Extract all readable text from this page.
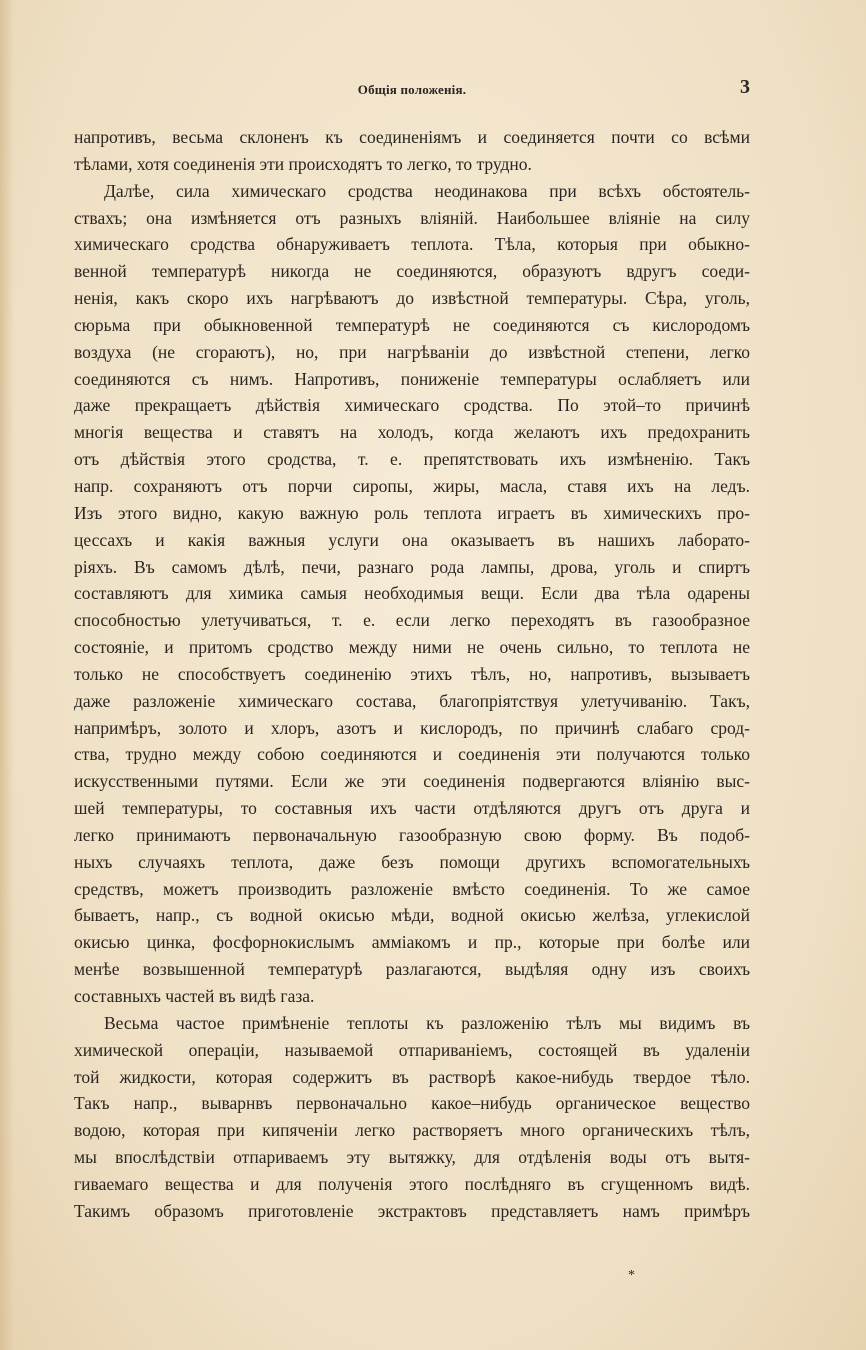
Общія положенія.	3
напротивъ, весьма склоненъ къ соединеніямъ и соединяется почти со всѣми
тѣлами, хотя соединенія эти происходятъ то легко, то трудно.
Далѣе, сила химическаго сродства неодинакова при всѣхъ обстоятель-
ствахъ; она измѣняется отъ разныхъ вліяній. Наибольшее вліяніе на силу
химическаго сродства обнаруживаетъ теплота. Тѣла, которыя при обыкно-
венной температурѣ никогда не соединяются, образуютъ вдругъ соеди-
ненія, какъ скоро ихъ нагрѣваютъ до извѣстной температуры. Сѣра, уголь,
сюрьма при обыкновенной температурѣ не соединяются съ кислородомъ
воздуха (не сгораютъ), но, при нагрѣваніи до извѣстной степени, легко
соединяются съ нимъ. Напротивъ, пониженіе температуры ослабляетъ или
даже прекращаетъ дѣйствія химическаго сродства. По этой–то причинѣ
многія вещества и ставятъ на холодъ, когда желаютъ ихъ предохранить
отъ дѣйствія этого сродства, т. е. препятствовать ихъ измѣненію. Такъ
напр. сохраняютъ отъ порчи сиропы, жиры, масла, ставя ихъ на ледъ.
Изъ этого видно, какую важную роль теплота играетъ въ химическихъ про-
цессахъ и какія важныя услуги она оказываетъ въ нашихъ лаборато-
ріяхъ. Въ самомъ дѣлѣ, печи, разнаго рода лампы, дрова, уголь и спиртъ
составляютъ для химика самыя необходимыя вещи. Если два тѣла одарены
способностью улетучиваться, т. е. если легко переходятъ въ газообразное
состояніе, и притомъ сродство между ними не очень сильно, то теплота не
только не способствуетъ соединенію этихъ тѣлъ, но, напротивъ, вызываетъ
даже разложеніе химическаго состава, благопріятствуя улетучиванію. Такъ,
напримѣръ, золото и хлоръ, азотъ и кислородъ, по причинѣ слабаго срод-
ства, трудно между собою соединяются и соединенія эти получаются только
искусственными путями. Если же эти соединенія подвергаются вліянію выс-
шей температуры, то составныя ихъ части отдѣляются другъ отъ друга и
легко принимаютъ первоначальную газообразную свою форму. Въ подоб-
ныхъ случаяхъ теплота, даже безъ помощи другихъ вспомогательныхъ
средствъ, можетъ производить разложеніе вмѣсто соединенія. То же самое
бываетъ, напр., съ водной окисью мѣди, водной окисью желѣза, углекислой
окисью цинка, фосфорнокислымъ аммiакомъ и пр., которые при болѣе или
менѣе возвышенной температурѣ разлагаются, выдѣляя одну изъ своихъ
составныхъ частей въ видѣ газа.
Весьма частое примѣненіе теплоты къ разложенію тѣлъ мы видимъ въ
химической операціи, называемой отпариваніемъ, состоящей въ удаленіи
той жидкости, которая содержитъ въ растворѣ какое-нибудь твердое тѣло.
Такъ напр., выварнвъ первоначально какое–нибудь органическое вещество
водою, которая при кипяченіи легко растворяетъ много органическихъ тѣлъ,
мы впослѣдствіи отпариваемъ эту вытяжку, для отдѣленія воды отъ вытя-
гиваемаго вещества и для полученія этого послѣдняго въ сгущенномъ видѣ.
Такимъ образомъ приготовленіе экстрактовъ представляетъ намъ примѣръ
*
